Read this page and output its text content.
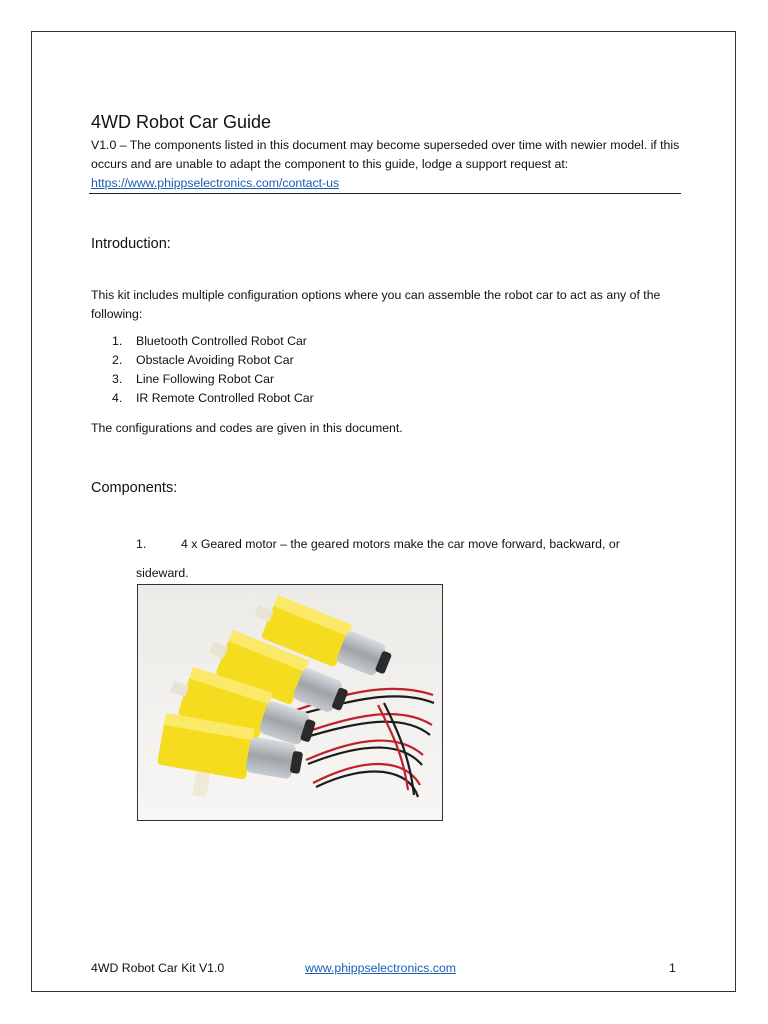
4WD Robot Car Guide
V1.0 – The components listed in this document may become superseded over time with newier model. if this occurs and are unable to adapt the component to this guide, lodge a support request at:
https://www.phippselectronics.com/contact-us
Introduction:
This kit includes multiple configuration options where you can assemble the robot car to act as any of the following:
1.	Bluetooth Controlled Robot Car
2.	Obstacle Avoiding Robot Car
3.	Line Following Robot Car
4.	IR Remote Controlled Robot Car
The configurations and codes are given in this document.
Components:
1.	4 x Geared motor – the geared motors make the car move forward, backward, or
sideward.
4WD Robot Car Kit V1.0	www.phippselectronics.com	1
